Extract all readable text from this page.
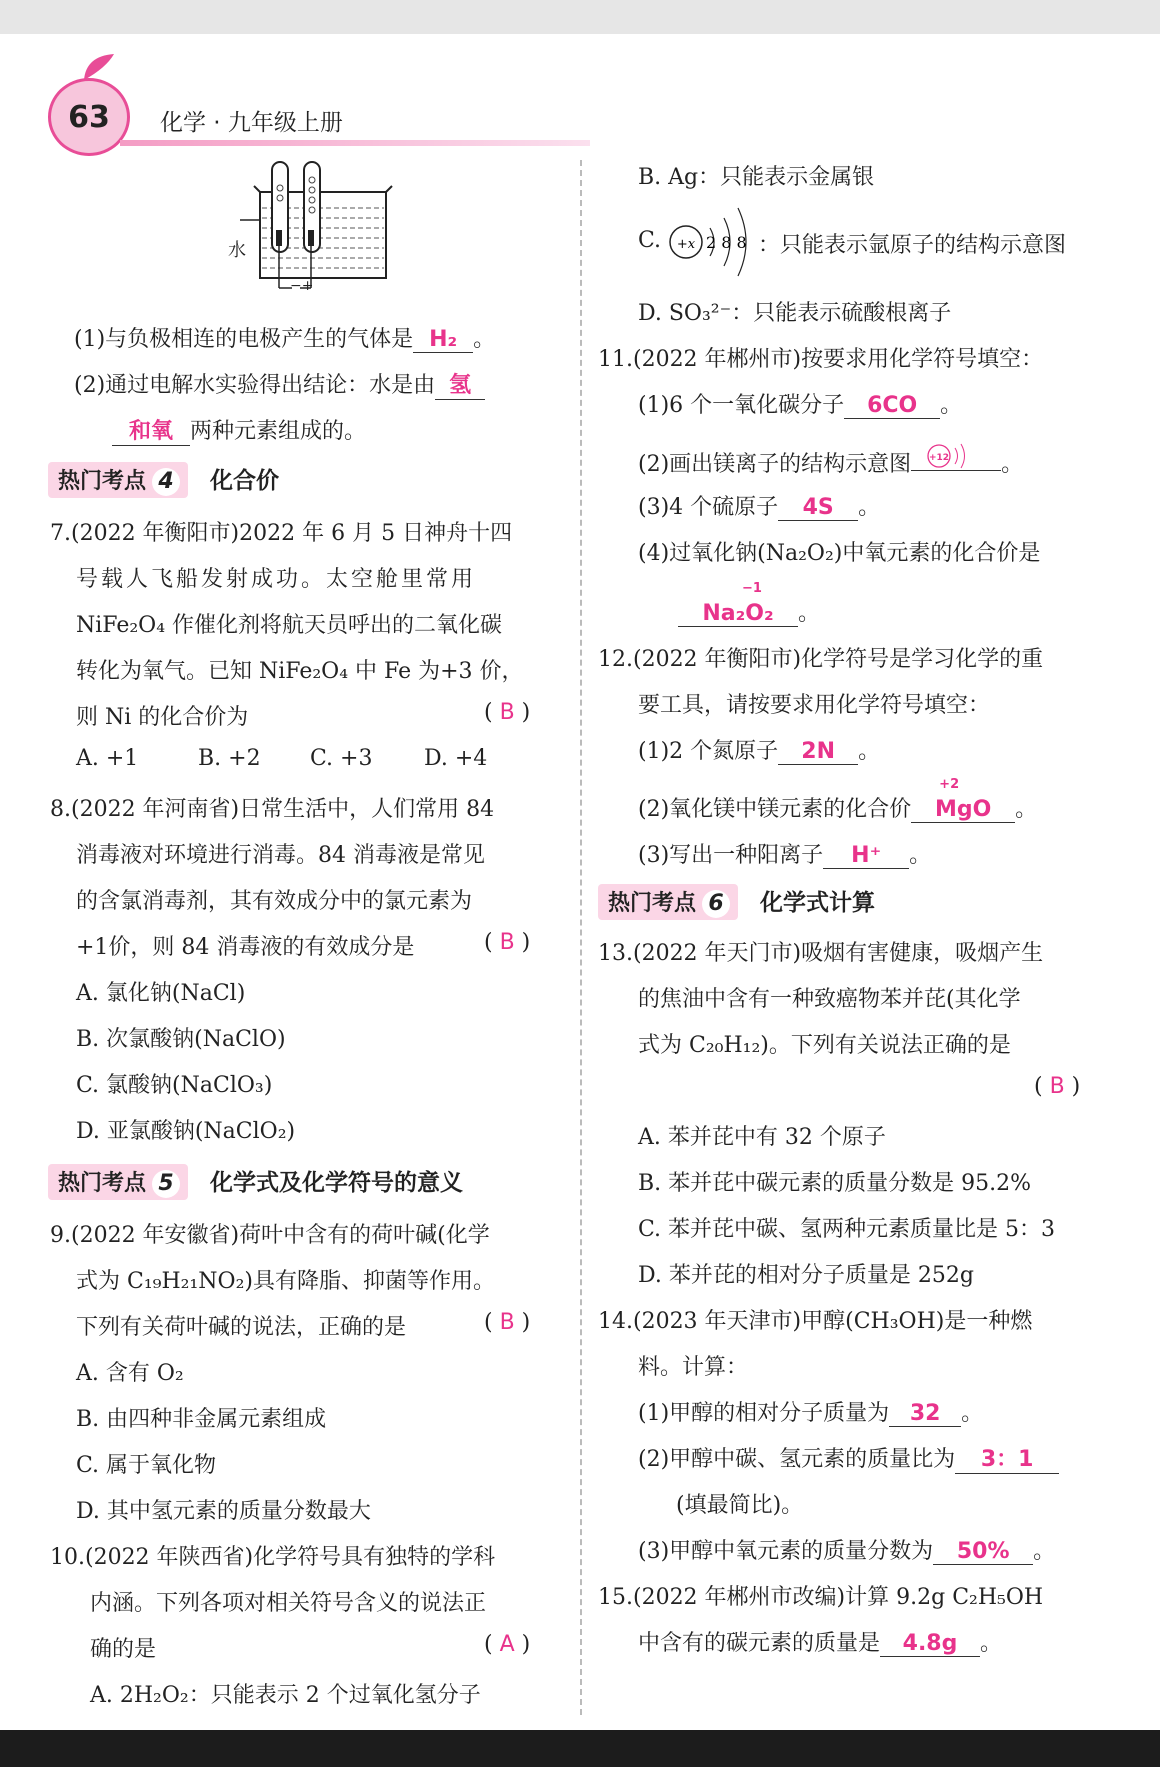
63	化学 · 九年级上册
水
−+
(1)与负极相连的电极产生的气体是 H₂ 。
(2)通过电解水实验得出结论：水是由 氢
和氧 两种元素组成的。
热门考点 4 化合价
7.(2022 年衡阳市)2022 年 6 月 5 日神舟十四
号载人飞船发射成功。太空舱里常用
NiFe₂O₄ 作催化剂将航天员呼出的二氧化碳
转化为氧气。已知 NiFe₂O₄ 中 Fe 为+3 价，
则 Ni 的化合价为	( B )
A. +1	B. +2 C. +3 D. +4
8.(2022 年河南省)日常生活中，人们常用 84
消毒液对环境进行消毒。84 消毒液是常见
的含氯消毒剂，其有效成分中的氯元素为
+1价，则 84 消毒液的有效成分是	( B )
A. 氯化钠(NaCl)
B. 次氯酸钠(NaClO)
C. 氯酸钠(NaClO₃)
D. 亚氯酸钠(NaClO₂)
热门考点 5 化学式及化学符号的意义
9.(2022 年安徽省)荷叶中含有的荷叶碱(化学
式为 C₁₉H₂₁NO₂)具有降脂、抑菌等作用。
下列有关荷叶碱的说法，正确的是	( B )
A. 含有 O₂
B. 由四种非金属元素组成
C. 属于氧化物
D. 其中氢元素的质量分数最大
10.(2022 年陕西省)化学符号具有独特的学科
内涵。下列各项对相关符号含义的说法正
确的是	( A )
A. 2H₂O₂：只能表示 2 个过氧化氢分子
B. Ag：只能表示金属银
C. +x 2 8 8 ：只能表示氩原子的结构示意图
D. SO₃²⁻：只能表示硫酸根离子
11.(2022 年郴州市)按要求用化学符号填空：
(1)6 个一氧化碳分子 6CO 。
(2)画出镁离子的结构示意图 +12 。
(3)4 个硫原子 4S 。
(4)过氧化钠(Na₂O₂)中氧元素的化合价是
−1
Na₂O₂ 。
12.(2022 年衡阳市)化学符号是学习化学的重
要工具，请按要求用化学符号填空：
(1)2 个氮原子 2N 。
(2)氧化镁中镁元素的化合价
+2
MgO 。
(3)写出一种阳离子 H⁺ 。
热门考点 6 化学式计算
13.(2022 年天门市)吸烟有害健康，吸烟产生
的焦油中含有一种致癌物苯并芘(其化学
式为 C₂₀H₁₂)。下列有关说法正确的是
( B )
A. 苯并芘中有 32 个原子
B. 苯并芘中碳元素的质量分数是 95.2%
C. 苯并芘中碳、氢两种元素质量比是 5：3
D. 苯并芘的相对分子质量是 252g
14.(2023 年天津市)甲醇(CH₃OH)是一种燃
料。计算：
(1)甲醇的相对分子质量为 32 。
(2)甲醇中碳、氢元素的质量比为 3：1
(填最简比)。
(3)甲醇中氧元素的质量分数为 50% 。
15.(2022 年郴州市改编)计算 9.2g C₂H₅OH
中含有的碳元素的质量是 4.8g 。
